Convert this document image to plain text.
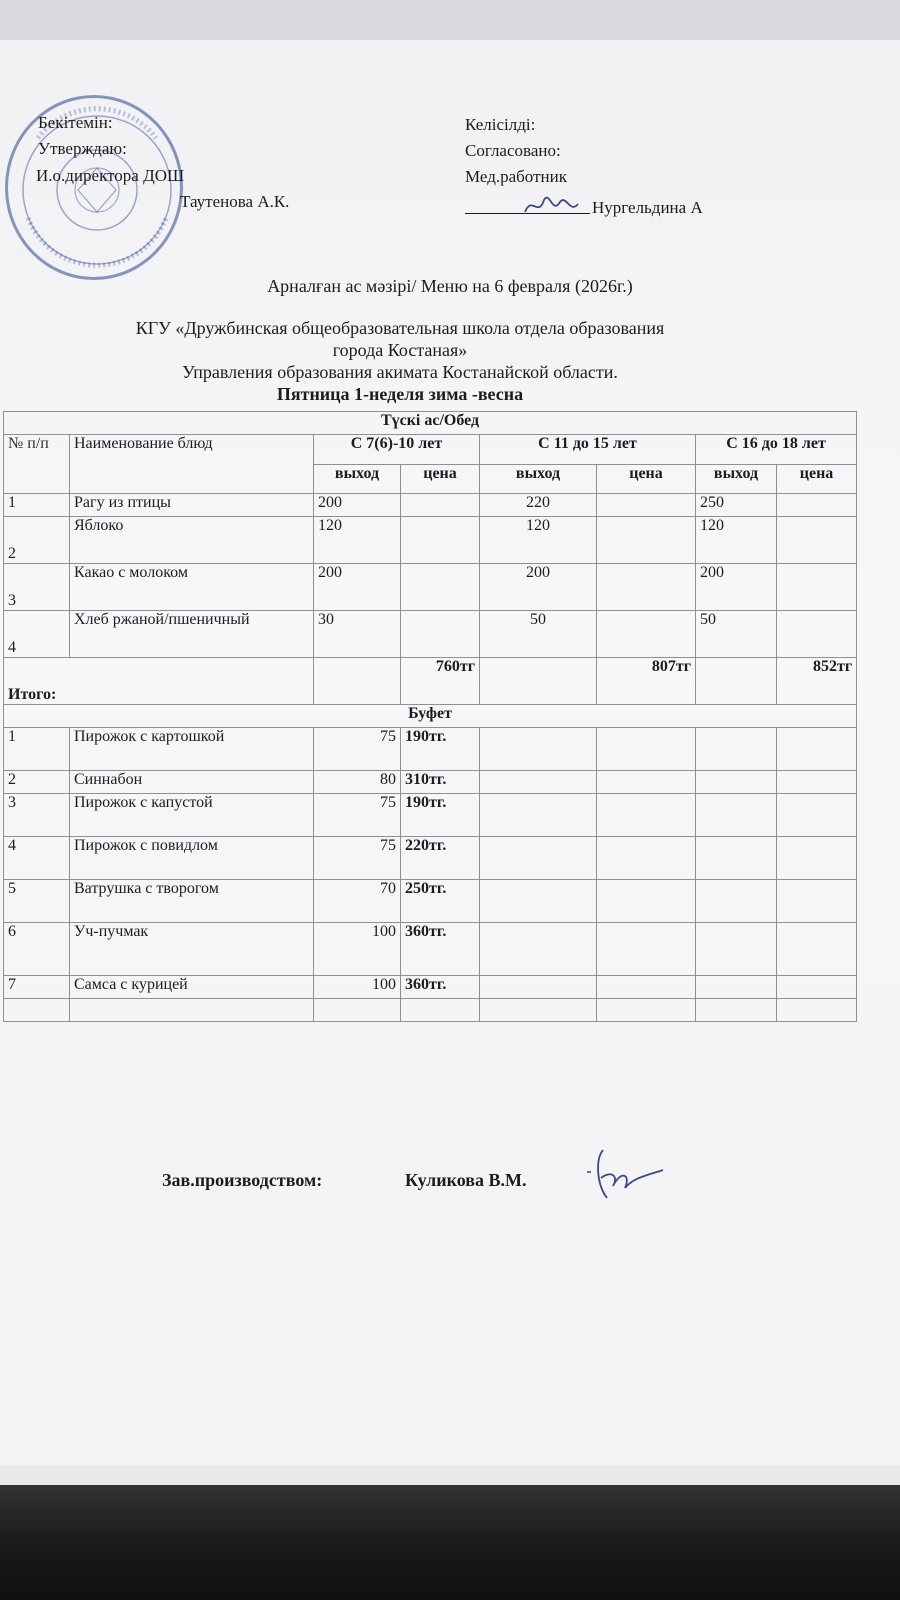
Бекітемін:
Утверждаю:
И.о.директора ДОШ
Таутенова А.К.
Келісілді:
Согласовано:
Мед.работник
Нургельдина А
Арналған ас мәзірі/ Меню на 6 февраля (2026г.)
КГУ «Дружбинская общеобразовательная школа отдела образования
города Костаная»
Управления образования акимата Костанайской области.
Пятница 1-неделя зима -весна
Түскі ас/Обед							
№ п/п	Наименование блюд	С 7(6)-10 лет		С 11 до 15 лет		С 16 до 18 лет	
		выход	цена	выход	цена	выход	цена
1	Рагу из птицы	200		220		250	
2	Яблоко	120		120		120	
3	Какао с молоком	200		200		200	
4	Хлеб ржаной/пшеничный	30		50		50	
Итого:			760тг		807тг		852тг
Буфет							
1	Пирожок с картошкой	75	190тг.				
2	Синнабон	80	310тг.				
3	Пирожок с капустой	75	190тг.				
4	Пирожок с повидлом	75	220тг.				
5	Ватрушка с творогом	70	250тг.				
6	Уч-пучмак	100	360тг.				
7	Самса с курицей	100	360тг.				

Зав.производством:	Куликова В.М.
